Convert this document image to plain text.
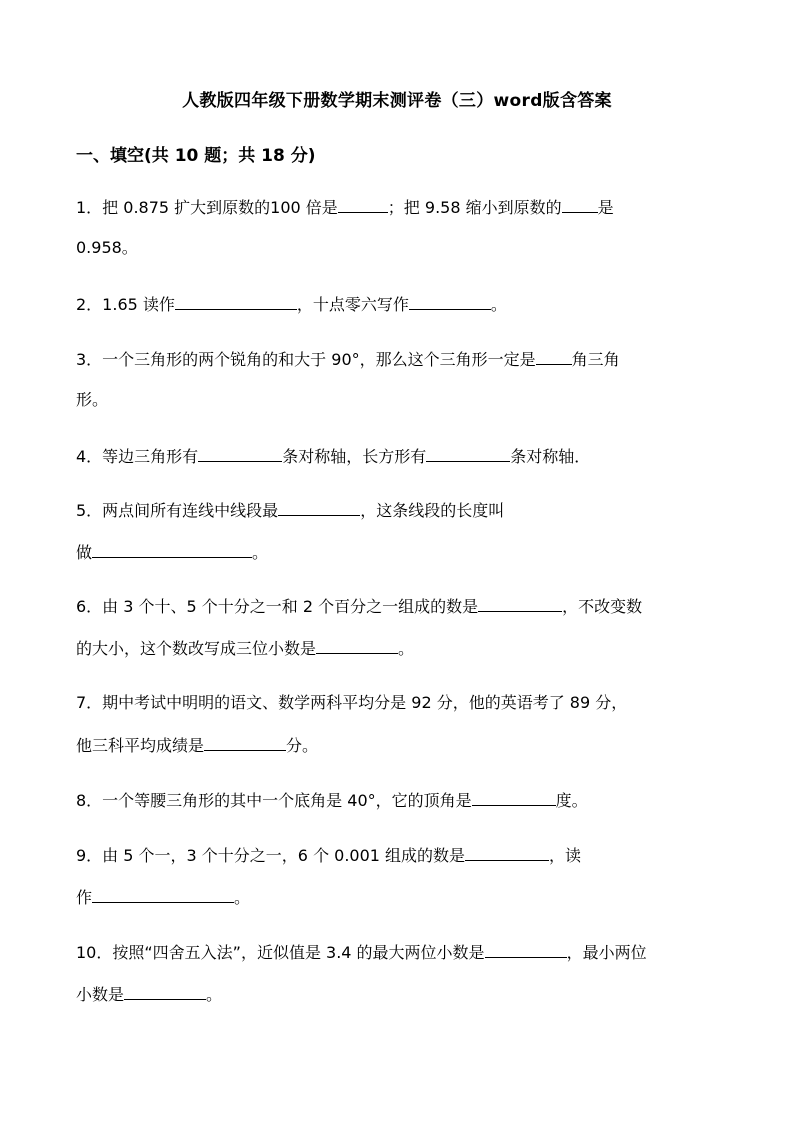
人教版四年级下册数学期末测评卷（三）word版含答案
一、填空(共 10 题；共 18 分)
1．把 0.875 扩大到原数的100 倍是	；把 9.58 缩小到原数的 是
0.958。
2．1.65 读作	，十点零六写作	。
3．一个三角形的两个锐角的和大于 90°，那么这个三角形一定是 角三角
形。
4．等边三角形有	条对称轴，长方形有	条对称轴．
5．两点间所有连线中线段最	，这条线段的长度叫
做	。
6．由 3 个十、5 个十分之一和 2 个百分之一组成的数是	，不改变数
的大小，这个数改写成三位小数是	。
7．期中考试中明明的语文、数学两科平均分是 92 分，他的英语考了 89 分，
他三科平均成绩是	分。
8．一个等腰三角形的其中一个底角是 40°，它的顶角是	度。
9．由 5 个一，3 个十分之一，6 个 0.001 组成的数是	，读
作	。
10．按照“四舍五入法”，近似值是 3.4 的最大两位小数是	，最小两位
小数是	。
